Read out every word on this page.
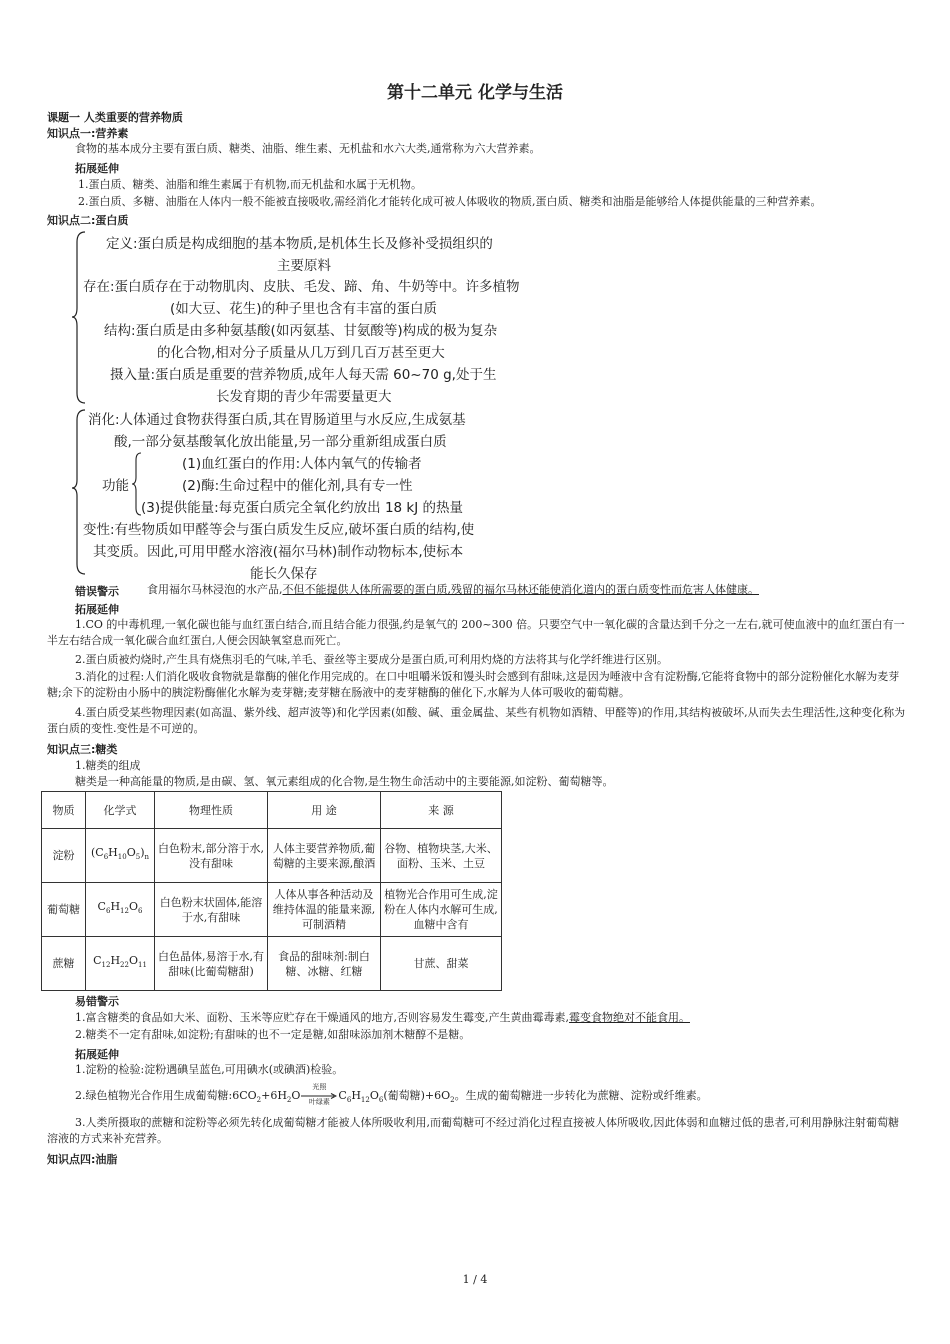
第十二单元 化学与生活
课题一 人类重要的营养物质
知识点一:营养素
食物的基本成分主要有蛋白质、糖类、油脂、维生素、无机盐和水六大类,通常称为六大营养素。
拓展延伸
1.蛋白质、糖类、油脂和维生素属于有机物,而无机盐和水属于无机物。
2.蛋白质、多糖、油脂在人体内一般不能被直接吸收,需经消化才能转化成可被人体吸收的物质,蛋白质、糖类和油脂是能够给人体提供能量的三种营养素。
知识点二:蛋白质
定义:蛋白质是构成细胞的基本物质,是机体生长及修补受损组织的
主要原料
存在:蛋白质存在于动物肌肉、皮肤、毛发、蹄、角、牛奶等中。许多植物
(如大豆、花生)的种子里也含有丰富的蛋白质
结构:蛋白质是由多种氨基酸(如丙氨基、甘氨酸等)构成的极为复杂
的化合物,相对分子质量从几万到几百万甚至更大
摄入量:蛋白质是重要的营养物质,成年人每天需 60~70 g,处于生
长发育期的青少年需要量更大
消化:人体通过食物获得蛋白质,其在胃肠道里与水反应,生成氨基
酸,一部分氨基酸氧化放出能量,另一部分重新组成蛋白质
功能
(1)血红蛋白的作用:人体内氧气的传输者
(2)酶:生命过程中的催化剂,具有专一性
(3)提供能量:每克蛋白质完全氧化约放出 18 kJ 的热量
变性:有些物质如甲醛等会与蛋白质发生反应,破坏蛋白质的结构,使
其变质。因此,可用甲醛水溶液(福尔马林)制作动物标本,使标本
能长久保存
错误警示	食用福尔马林浸泡的水产品,不但不能提供人体所需要的蛋白质,残留的福尔马林还能使消化道内的蛋白质变性而危害人体健康。
拓展延伸
1.CO 的中毒机理,一氧化碳也能与血红蛋白结合,而且结合能力很强,约是氧气的 200~300 倍。只要空气中一氧化碳的含量达到千分之一左右,就可使血液中的血红蛋白有一半左右结合成一氧化碳合血红蛋白,人便会因缺氧窒息而死亡。
2.蛋白质被灼烧时,产生具有烧焦羽毛的气味,羊毛、蚕丝等主要成分是蛋白质,可利用灼烧的方法将其与化学纤维进行区别。
3.消化的过程:人们消化吸收食物就是靠酶的催化作用完成的。在口中咀嚼米饭和馒头时会感到有甜味,这是因为唾液中含有淀粉酶,它能将食物中的部分淀粉催化水解为麦芽糖;余下的淀粉由小肠中的胰淀粉酶催化水解为麦芽糖;麦芽糖在肠液中的麦芽糖酶的催化下,水解为人体可吸收的葡萄糖。
4.蛋白质受某些物理因素(如高温、紫外线、超声波等)和化学因素(如酸、碱、重金属盐、某些有机物如酒精、甲醛等)的作用,其结构被破坏,从而失去生理活性,这种变化称为蛋白质的变性.变性是不可逆的。
知识点三:糖类
1.糖类的组成
糖类是一种高能量的物质,是由碳、氢、氧元素组成的化合物,是生物生命活动中的主要能源,如淀粉、葡萄糖等。
物质	化学式	物理性质	用 途	来 源
淀粉	$(C_6H_{10}O_5)_n$	白色粉末,部分溶于水,没有甜味	人体主要营养物质,葡萄糖的主要来源,酿酒	谷物、植物块茎,大米、面粉、玉米、土豆
葡萄糖	$C_6H_{12}O_6$	白色粉末状固体,能溶于水,有甜味	人体从事各种活动及维持体温的能量来源,可制酒精	植物光合作用可生成,淀粉在人体内水解可生成,血糖中含有
蔗糖	$C_{12}H_{22}O_{11}$	白色晶体,易溶于水,有甜味(比葡萄糖甜)	食品的甜味剂:制白糖、冰糖、红糖	甘蔗、甜菜
易错警示
1.富含糖类的食品如大米、面粉、玉米等应贮存在干燥通风的地方,否则容易发生霉变,产生黄曲霉毒素,霉变食物绝对不能食用。
2.糖类不一定有甜味,如淀粉;有甜味的也不一定是糖,如甜味添加剂木糖醇不是糖。
拓展延伸
1.淀粉的检验:淀粉遇碘呈蓝色,可用碘水(或碘酒)检验。
2.绿色植物光合作用生成葡萄糖$:6CO_2+6H_2O$
光照
叶绿素 $C_6H_{12}O_6$(葡萄糖)$+6O_2$。生成的葡萄糖进一步转化为蔗糖、淀粉或纤维素。
3.人类所摄取的蔗糖和淀粉等必须先转化成葡萄糖才能被人体所吸收利用,而葡萄糖可不经过消化过程直接被人体所吸收,因此体弱和血糖过低的患者,可利用静脉注射葡萄糖溶液的方式来补充营养。
知识点四:油脂
1 / 4
